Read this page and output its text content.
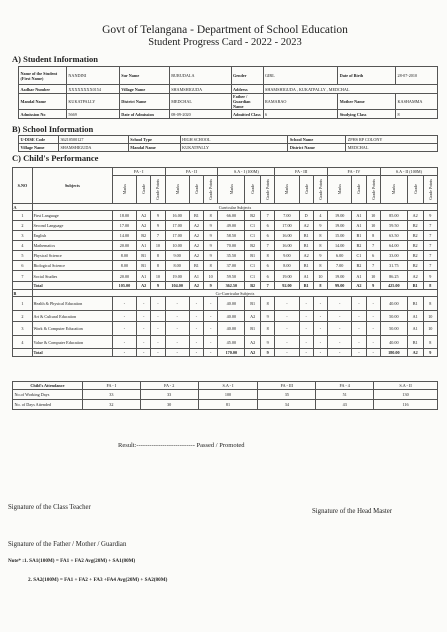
Govt of Telangana - Department of School Education
Student Progress Card - 2022 - 2023
A) Student Information
Name of the Student (First Name)	NANDINI	Sur Name	BURUDALA	Gender	GIRL	Date of Birth	28-07-2010
Aadhar Number	XXXXXXXX0154	Village Name	SHAMSHIGUDA	Address	SHAMSHIGUDA , KUKATPALLY , MEDCHAL		
Mandal Name	KUKATPALLY	District Name	MEDCHAL	Father / Guardian Name	RAMARAO	Mother Name	KASHAMMA
Admission No	5669	Date of Admission	08-09-2020	Admitted Class	6	Studying Class	8
B) School Information
U-DISE Code	36210500127	School Type	HIGH SCHOOL	School Name	ZPHS RP COLONY
Village Name	SHAMSHIGUDA	Mandal Name	KUKATPALLY	District Name	MEDCHAL
C) Child's Performance
S.NO	Subjects	FA - I			FA - II			S.A - I (100M)			FA - III			FA - IV			S.A - II (100M)		
		Marks	Grade	Grade Points	Marks	Grade	Grade Points	Marks	Grade	Grade Points	Marks	Grade	Grade Points	Marks	Grade	Grade Points	Marks	Grade	Grade Points
A	Curricular Subjects																		
1	First Language	18.00	A2	9	16.00	B1	8	66.00	B2	7	7.00	D	4	19.00	A1	10	85.00	A2	9
2	Second Language	17.00	A2	9	17.00	A2	9	49.00	C1	6	17.00	A2	9	19.00	A1	10	59.50	B2	7
3	English	14.00	B2	7	17.00	A2	9	58.50	C1	6	16.00	B1	8	15.00	B1	8	63.50	B2	7
4	Mathematics	20.00	A1	10	10.00	A2	9	70.00	B2	7	16.00	B1	8	14.00	B2	7	64.00	B2	7
5	Physical Science	8.00	B1	8	9.00	A2	9	35.50	B1	8	9.00	A2	9	6.00	C1	6	33.00	B2	7
6	Biological Science	8.00	B1	8	8.00	B1	8	37.00	C1	6	8.00	B1	8	7.00	B2	7	31.75	B2	7
7	Social Studies	20.00	A1	10	19.00	A1	10	59.50	C1	6	19.00	A1	10	19.00	A1	10	86.25	A2	9
	Total	105.00	A2	9	104.00	A2	9	362.50	B2	7	92.00	B1	8	99.00	A2	9	425.00	B1	8
B	Co-Curricular Subjects																		
1	Health & Physical Education	-	-	-	-	-	-	40.00	B1	8	-	-	-	-	-	-	40.00	B1	8
2	Art & Cultural Education	-	-	-	-	-	-	40.00	A2	9	-	-	-	-	-	-	50.00	A1	10
3	Work & Computer Education	-	-	-	-	-	-	40.00	B1	8	-	-	-	-	-	-	50.00	A1	10
4	Value & Computer Education	-	-	-	-	-	-	45.00	A2	9	-	-	-	-	-	-	40.00	B1	8
	Total	-	-	-	-	-	-	170.00	A2	9	-	-	-	-	-	-	180.00	A2	9
Child's Attendance	FA - I	FA - 2	S.A - I	FA - III	FA - 4	S.A - II
No.of Working Days	33	33	100	35	51	130
No. of Days Attended	32	30	81	34	43	116
Result:--------------------------- Passed / Promoted
Signature of the Class Teacher
Signature of the Head Master
Signature of the Father / Mother / Guardian
Note* :1. SA1(100M) = FA1 + FA2 Avg(20M) + SA1(80M)
2. SA2(100M) = FA1 + FA2 + FA3 +FA4 Avg(20M) + SA2(80M)
